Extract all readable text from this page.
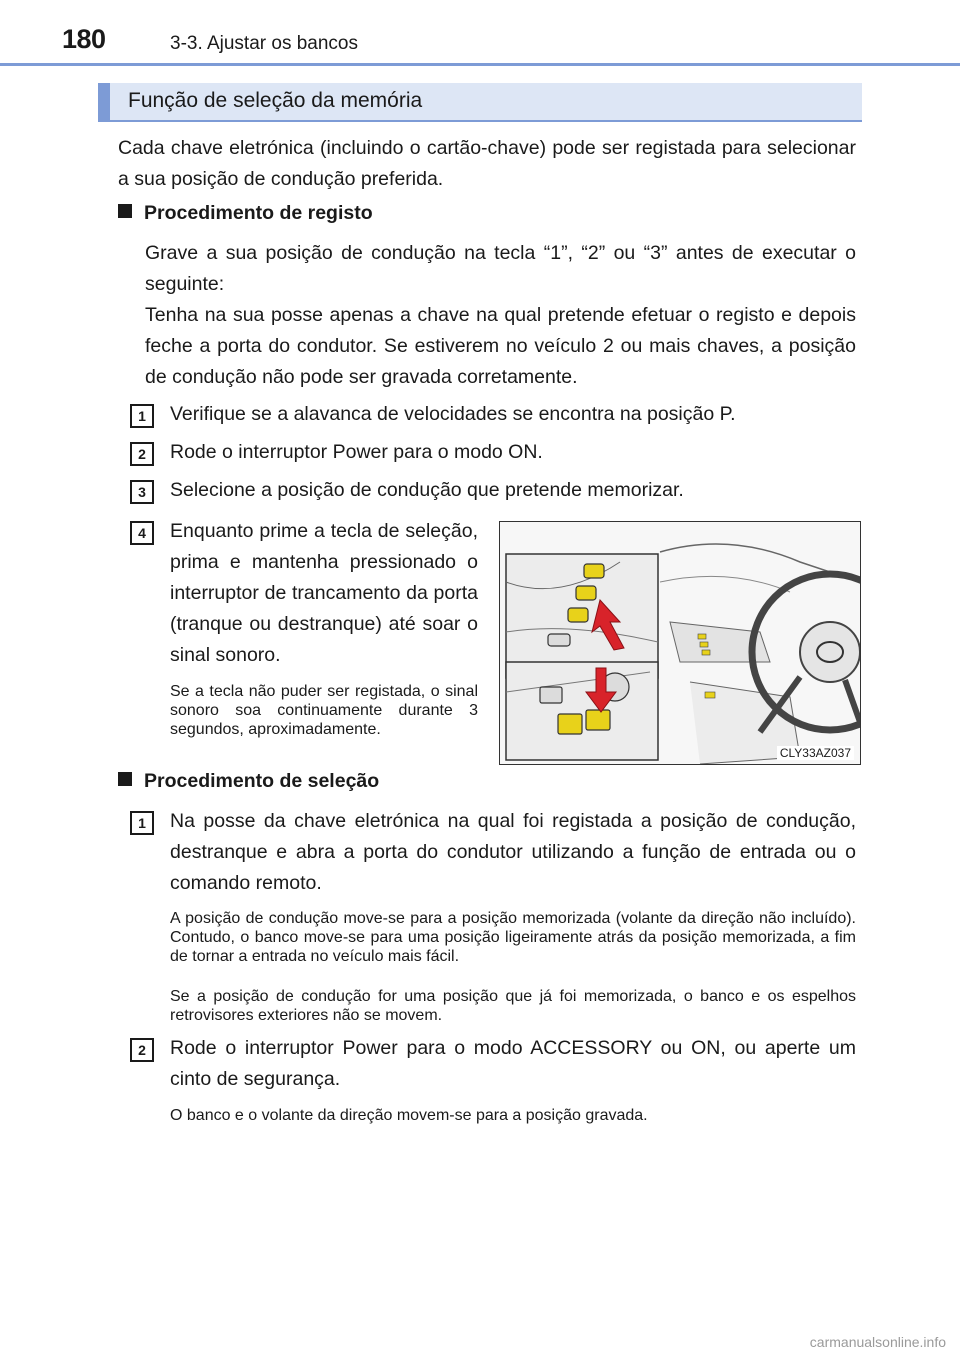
180	3-3. Ajustar os bancos
Função de seleção da memória
Cada chave eletrónica (incluindo o cartão-chave) pode ser registada para selecionar a sua posição de condução preferida.
Procedimento de registo
Grave a sua posição de condução na tecla “1”, “2” ou “3” antes de executar o seguinte:
Tenha na sua posse apenas a chave na qual pretende efetuar o registo e depois feche a porta do condutor. Se estiverem no veículo 2 ou mais chaves, a posição de condução não pode ser gravada corretamente.
1	Verifique se a alavanca de velocidades se encontra na posição P.
2	Rode o interruptor Power para o modo ON.
3	Selecione a posição de condução que pretende memorizar.
4	Enquanto prime a tecla de seleção, prima e mantenha pressionado o interruptor de trancamento da porta (tranque ou destranque) até soar o sinal sonoro.
Se a tecla não puder ser registada, o sinal sonoro soa continuamente durante 3 segundos, aproximadamente.
CLY33AZ037
Procedimento de seleção
1	Na posse da chave eletrónica na qual foi registada a posição de condução, destranque e abra a porta do condutor utilizando a função de entrada ou o comando remoto.
A posição de condução move-se para a posição memorizada (volante da direção não incluído). Contudo, o banco move-se para uma posição ligeiramente atrás da posição memorizada, a fim de tornar a entrada no veículo mais fácil.
Se a posição de condução for uma posição que já foi memorizada, o banco e os espelhos retrovisores exteriores não se movem.
2	Rode o interruptor Power para o modo ACCESSORY ou ON, ou aperte um cinto de segurança.
O banco e o volante da direção movem-se para a posição gravada.
carmanualsonline.info
